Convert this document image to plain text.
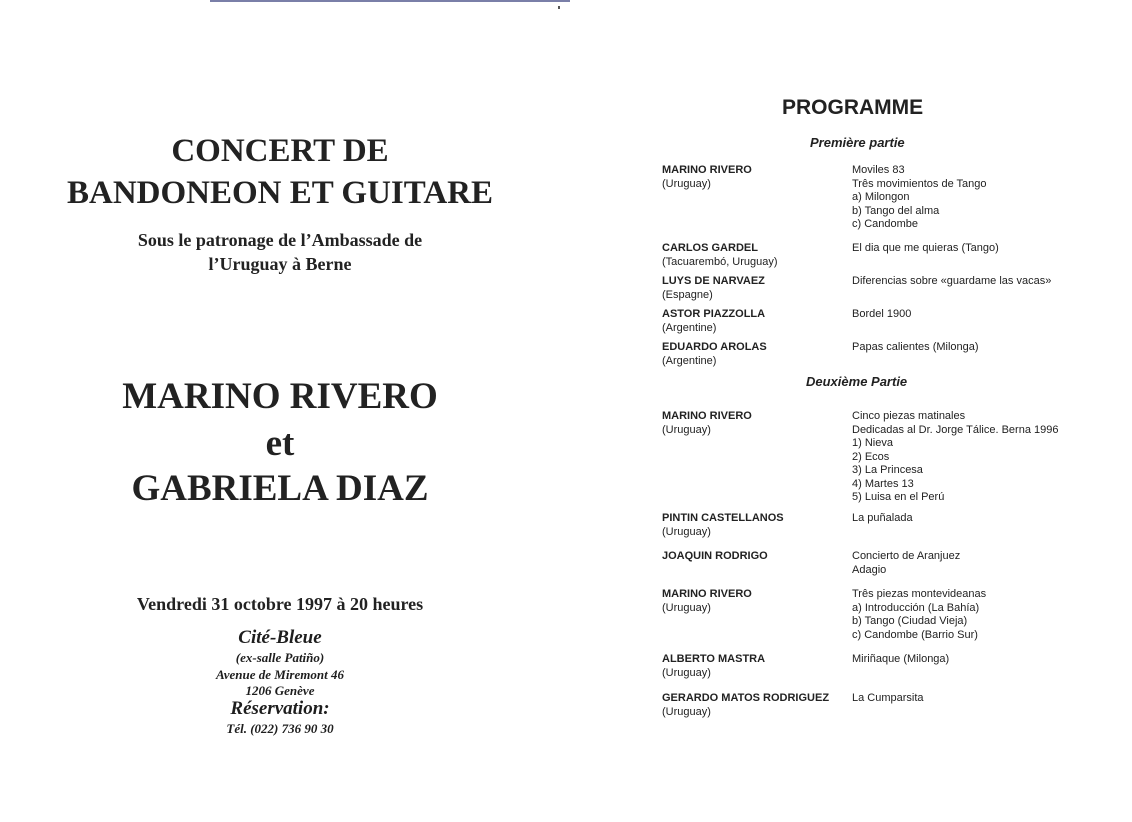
CONCERT DE

BANDONEON ET GUITARE

Sous le patronage de l’Ambassade de

l’Uruguay à Berne

MARINO RIVERO

et

GABRIELA DIAZ

Vendredi 31 octobre 1997 à 20 heures

Cité-Bleue

(ex-salle Patiño)

Avenue de Miremont 46

1206 Genève

Réservation:

Tél. (022) 736 90 30

PROGRAMME

Première partie

Deuxième Partie

MARINO RIVERO
(Uruguay)
Moviles 83
Três movimientos de Tango
a) Milongon
b) Tango del alma
c) Candombe
CARLOS GARDEL
(Tacuarembó, Uruguay)
El dia que me quieras (Tango)
LUYS DE NARVAEZ
(Espagne)
Diferencias sobre «guardame las vacas»
ASTOR PIAZZOLLA
(Argentine)
Bordel 1900
EDUARDO AROLAS
(Argentine)
Papas calientes (Milonga)
MARINO RIVERO
(Uruguay)
Cinco piezas matinales
Dedicadas al Dr. Jorge Tálice. Berna 1996
1) Nieva
2) Ecos
3) La Princesa
4) Martes 13
5) Luisa en el Perú
PINTIN CASTELLANOS
(Uruguay)
La puñalada
JOAQUIN RODRIGO	Concierto de Aranjuez
Adagio
MARINO RIVERO
(Uruguay)
Três piezas montevideanas
a) Introducción (La Bahía)
b) Tango (Ciudad Vieja)
c) Candombe (Barrio Sur)
ALBERTO MASTRA
(Uruguay)
Miriñaque (Milonga)
GERARDO MATOS RODRIGUEZ
(Uruguay)
La Cumparsita
